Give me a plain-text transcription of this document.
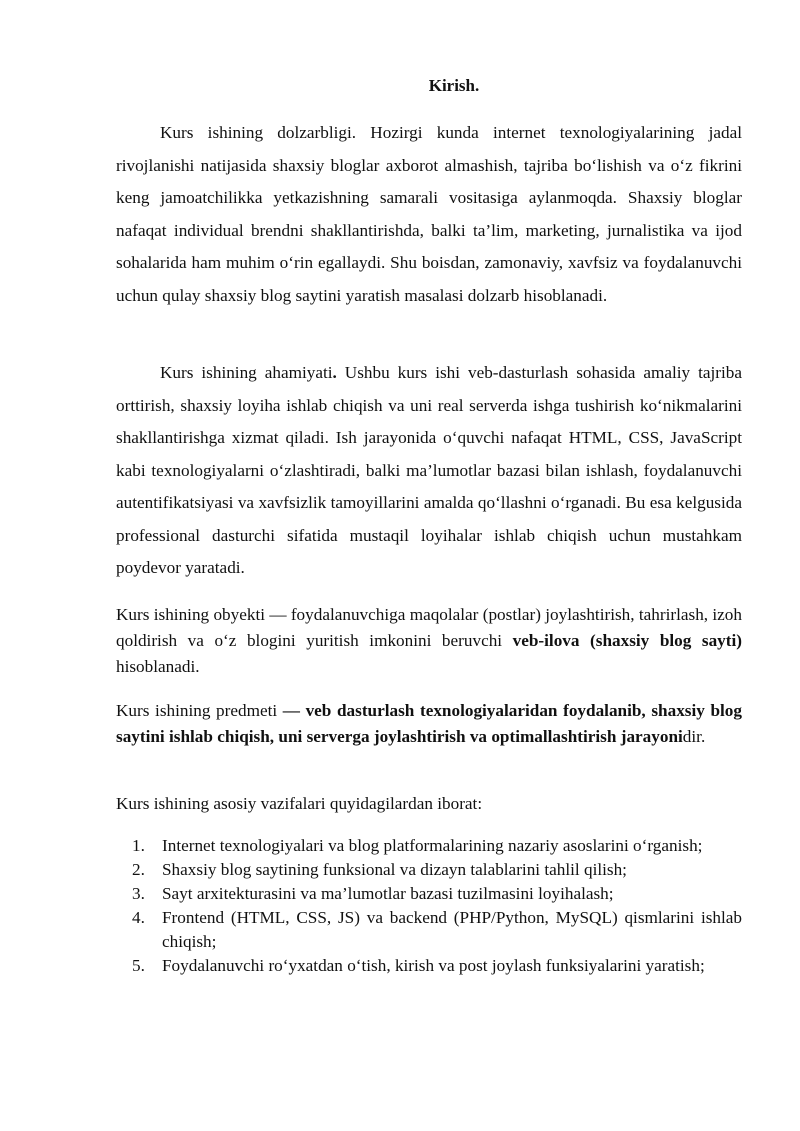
Kirish.

Kurs ishining dolzarbligi. Hozirgi kunda internet texnologiyalarining jadal rivojlanishi natijasida shaxsiy bloglar axborot almashish, tajriba bo‘lishish va o‘z fikrini keng jamoatchilikka yetkazishning samarali vositasiga aylanmoqda. Shaxsiy bloglar nafaqat individual brendni shakllantirishda, balki ta’lim, marketing, jurnalistika va ijod sohalarida ham muhim o‘rin egallaydi. Shu boisdan, zamonaviy, xavfsiz va foydalanuvchi uchun qulay shaxsiy blog saytini yaratish masalasi dolzarb hisoblanadi.

Kurs ishining ahamiyati. Ushbu kurs ishi veb-dasturlash sohasida amaliy tajriba orttirish, shaxsiy loyiha ishlab chiqish va uni real serverda ishga tushirish ko‘nikmalarini shakllantirishga xizmat qiladi. Ish jarayonida o‘quvchi nafaqat HTML, CSS, JavaScript kabi texnologiyalarni o‘zlashtiradi, balki ma’lumotlar bazasi bilan ishlash, foydalanuvchi autentifikatsiyasi va xavfsizlik tamoyillarini amalda qo‘llashni o‘rganadi. Bu esa kelgusida professional dasturchi sifatida mustaqil loyihalar ishlab chiqish uchun mustahkam poydevor yaratadi.

Kurs ishining obyekti — foydalanuvchiga maqolalar (postlar) joylashtirish, tahrirlash, izoh qoldirish va o‘z blogini yuritish imkonini beruvchi veb-ilova (shaxsiy blog sayti) hisoblanadi.

Kurs ishining predmeti — veb dasturlash texnologiyalaridan foydalanib, shaxsiy blog saytini ishlab chiqish, uni serverga joylashtirish va optimallashtirish jarayonidir.

Kurs ishining asosiy vazifalari quyidagilardan iborat:

1. Internet texnologiyalari va blog platformalarining nazariy asoslarini o‘rganish;
2. Shaxsiy blog saytining funksional va dizayn talablarini tahlil qilish;
3. Sayt arxitekturasini va ma’lumotlar bazasi tuzilmasini loyihalash;
4. Frontend (HTML, CSS, JS) va backend (PHP/Python, MySQL) qismlarini ishlab chiqish;
5. Foydalanuvchi ro‘yxatdan o‘tish, kirish va post joylash funksiyalarini yaratish;
